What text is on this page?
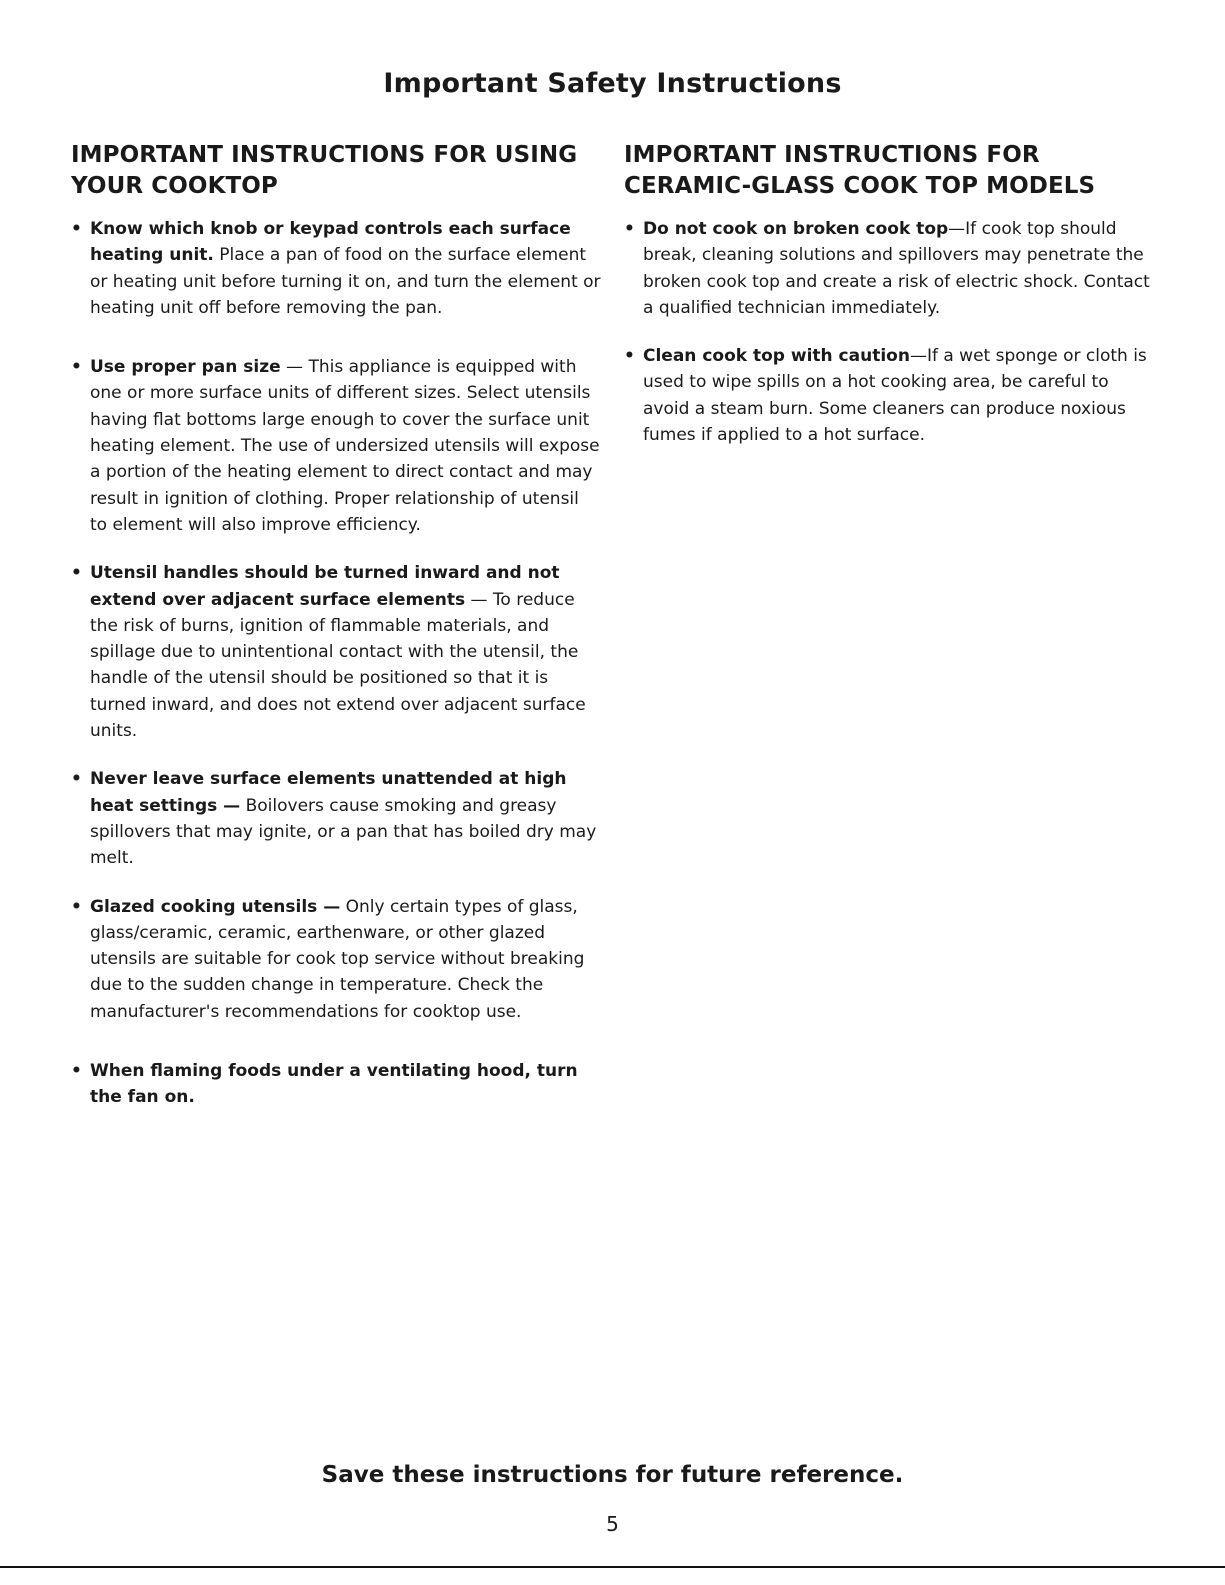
Important Safety Instructions
IMPORTANT INSTRUCTIONS FOR USING YOUR COOKTOP
• Know which knob or keypad controls each surface heating unit. Place a pan of food on the surface element or heating unit before turning it on, and turn the element or heating unit off before removing the pan.
• Use proper pan size — This appliance is equipped with one or more surface units of different sizes. Select utensils having flat bottoms large enough to cover the surface unit heating element. The use of undersized utensils will expose a portion of the heating element to direct contact and may result in ignition of clothing. Proper relationship of utensil to element will also improve efficiency.
• Utensil handles should be turned inward and not extend over adjacent surface elements — To reduce the risk of burns, ignition of flammable materials, and spillage due to unintentional contact with the utensil, the handle of the utensil should be positioned so that it is turned inward, and does not extend over adjacent surface units.
• Never leave surface elements unattended at high heat settings — Boilovers cause smoking and greasy spillovers that may ignite, or a pan that has boiled dry may melt.
• Glazed cooking utensils — Only certain types of glass, glass/ceramic, ceramic, earthenware, or other glazed utensils are suitable for cook top service without breaking due to the sudden change in temperature. Check the manufacturer's recommendations for cooktop use.
• When flaming foods under a ventilating hood, turn the fan on.
IMPORTANT INSTRUCTIONS FOR CERAMIC-GLASS COOK TOP MODELS
• Do not cook on broken cook top—If cook top should break, cleaning solutions and spillovers may penetrate the broken cook top and create a risk of electric shock. Contact a qualified technician immediately.
• Clean cook top with caution—If a wet sponge or cloth is used to wipe spills on a hot cooking area, be careful to avoid a steam burn. Some cleaners can produce noxious fumes if applied to a hot surface.
Save these instructions for future reference.
5
